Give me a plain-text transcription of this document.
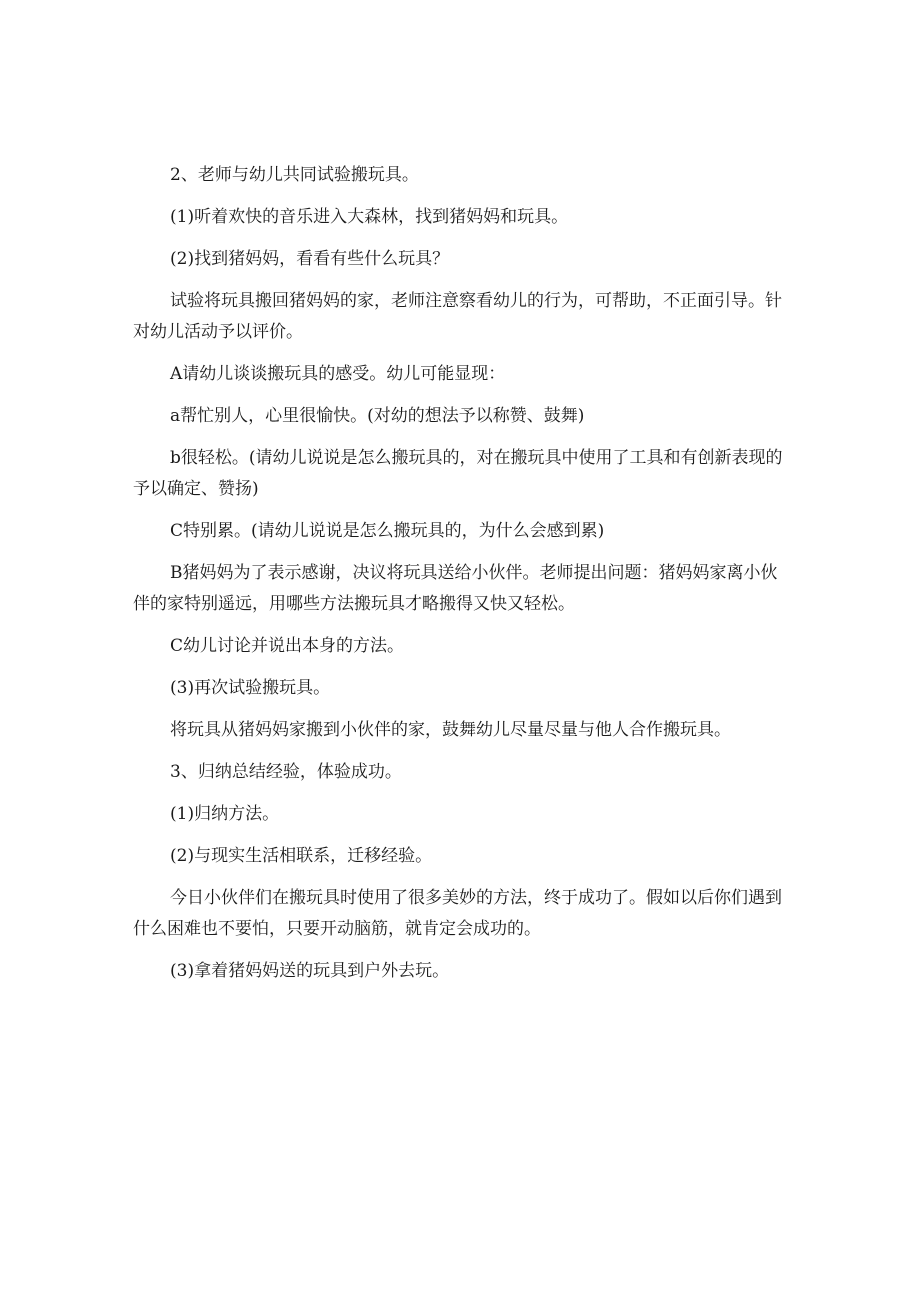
2、老师与幼儿共同试验搬玩具。

(1)听着欢快的音乐进入大森林，找到猪妈妈和玩具。

(2)找到猪妈妈，看看有些什么玩具？

试验将玩具搬回猪妈妈的家，老师注意察看幼儿的行为，可帮助，不正面引导。针对幼儿活动予以评价。

A请幼儿谈谈搬玩具的感受。幼儿可能显现：

a帮忙别人，心里很愉快。(对幼的想法予以称赞、鼓舞)

b很轻松。(请幼儿说说是怎么搬玩具的，对在搬玩具中使用了工具和有创新表现的予以确定、赞扬)

C特别累。(请幼儿说说是怎么搬玩具的，为什么会感到累)

B猪妈妈为了表示感谢，决议将玩具送给小伙伴。老师提出问题：猪妈妈家离小伙伴的家特别遥远，用哪些方法搬玩具才略搬得又快又轻松。

C幼儿讨论并说出本身的方法。

(3)再次试验搬玩具。

将玩具从猪妈妈家搬到小伙伴的家，鼓舞幼儿尽量尽量与他人合作搬玩具。

3、归纳总结经验，体验成功。

(1)归纳方法。

(2)与现实生活相联系，迁移经验。

今日小伙伴们在搬玩具时使用了很多美妙的方法，终于成功了。假如以后你们遇到什么困难也不要怕，只要开动脑筋，就肯定会成功的。

(3)拿着猪妈妈送的玩具到户外去玩。
